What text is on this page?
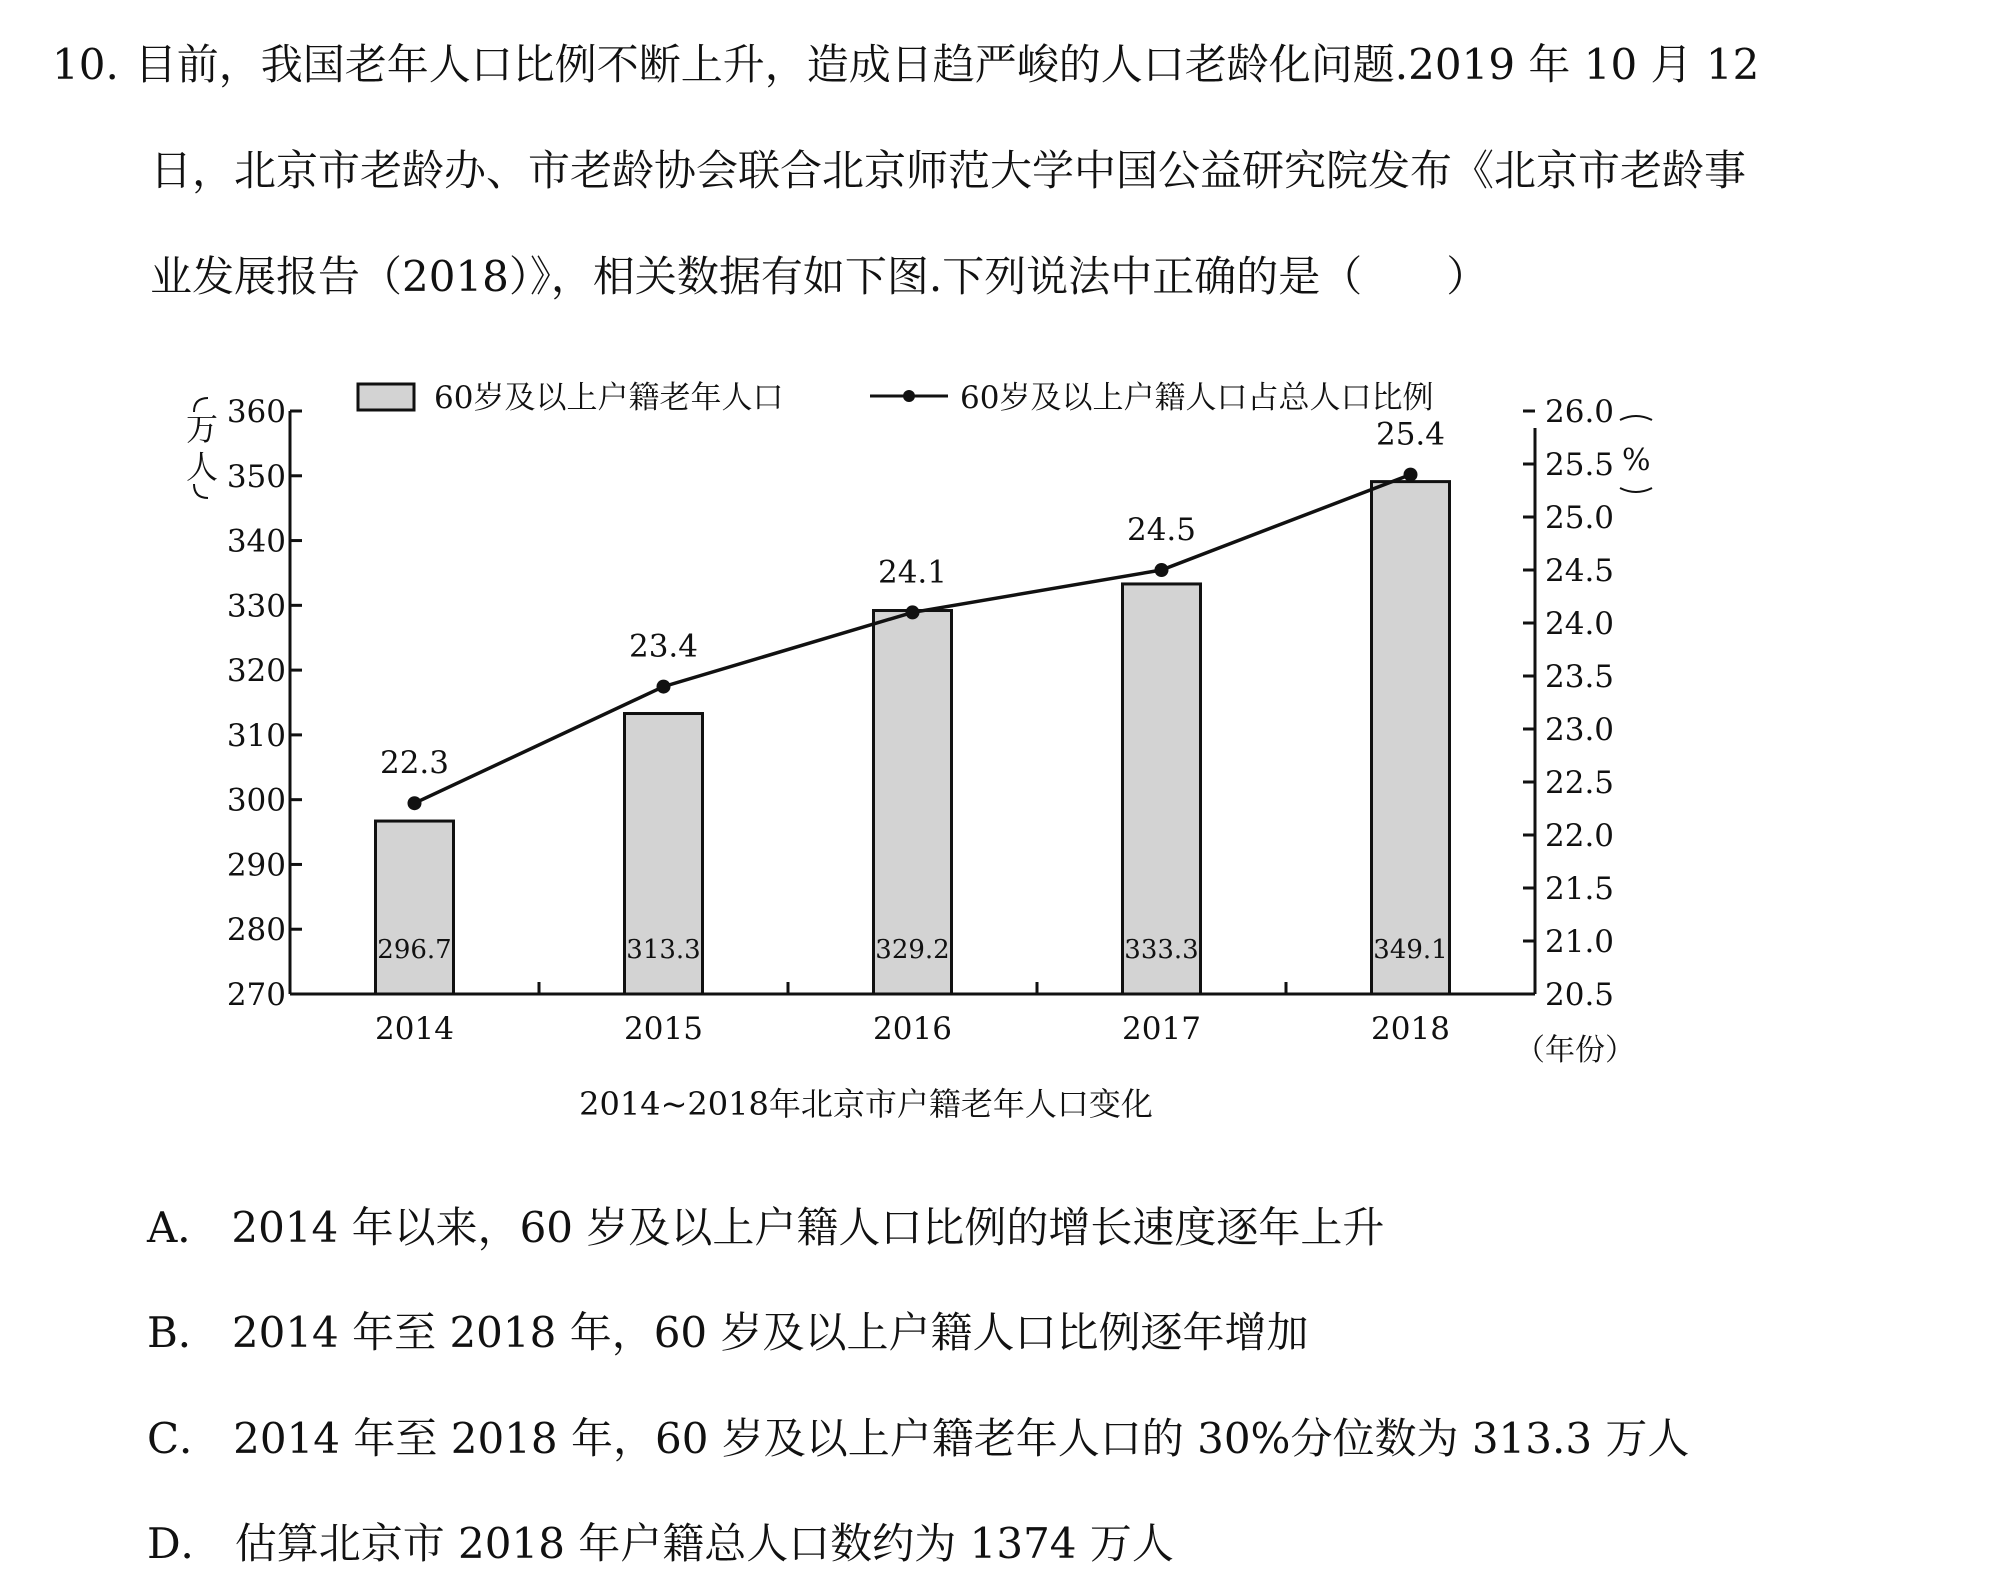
10. 目前，我国老年人口比例不断上升，造成日趋严峻的人口老龄化问题.2019 年 10 月 12
日，北京市老龄办、市老龄协会联合北京师范大学中国公益研究院发布《北京市老龄事
业发展报告（2018）》，相关数据有如下图.下列说法中正确的是（　　）
60岁及以上户籍老年人口	60岁及以上户籍人口占总人口比例
万
人	%
270
280
290
300
310
320
330
340
350
360
20.5
21.0
21.5
22.0
22.5
23.0
23.5
24.0
24.5
25.0
25.5
26.0
2014	2015	2016	2017	2018
296.7	313.3	329.2	333.3	349.1
22.3
23.4
24.1
24.5
25.4
（年份）
2014~2018年北京市户籍老年人口变化
A． 2014 年以来，60 岁及以上户籍人口比例的增长速度逐年上升
B． 2014 年至 2018 年，60 岁及以上户籍人口比例逐年增加
C． 2014 年至 2018 年，60 岁及以上户籍老年人口的 30%分位数为 313.3 万人
D． 估算北京市 2018 年户籍总人口数约为 1374 万人
